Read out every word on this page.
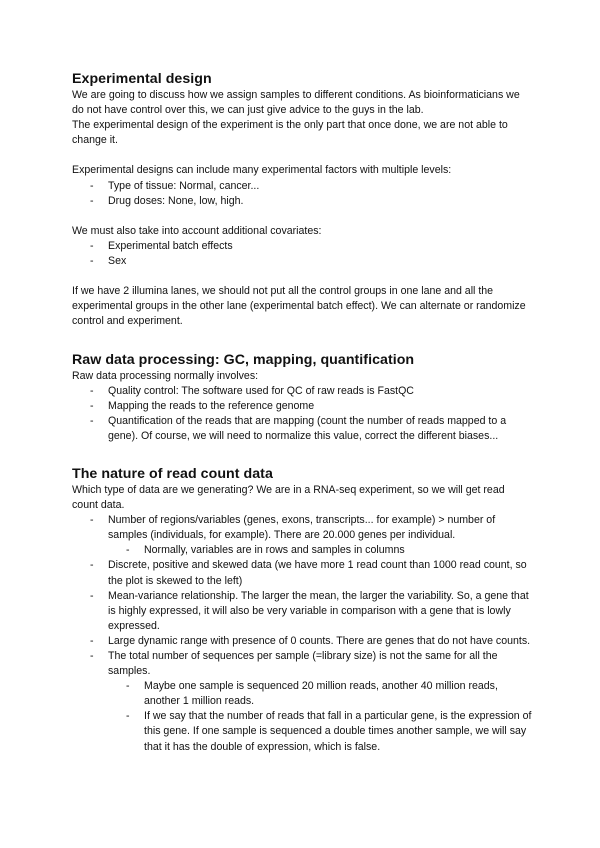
Experimental design

We are going to discuss how we assign samples to different conditions. As bioinformaticians we do not have control over this, we can just give advice to the guys in the lab.

The experimental design of the experiment is the only part that once done, we are not able to change it.

Experimental designs can include many experimental factors with multiple levels:

- Type of tissue: Normal, cancer...
- Drug doses: None, low, high.

We must also take into account additional covariates:

- Experimental batch effects
- Sex

If we have 2 illumina lanes, we should not put all the control groups in one lane and all the experimental groups in the other lane (experimental batch effect). We can alternate or randomize control and experiment.

Raw data processing: GC, mapping, quantification

Raw data processing normally involves:

- Quality control: The software used for QC of raw reads is FastQC
- Mapping the reads to the reference genome
- Quantification of the reads that are mapping (count the number of reads mapped to a gene). Of course, we will need to normalize this value, correct the different biases...
The nature of read count data

Which type of data are we generating? We are in a RNA-seq experiment, so we will get read count data.

- Number of regions/variables (genes, exons, transcripts... for example) > number of samples (individuals, for example). There are 20.000 genes per individual.
- Normally, variables are in rows and samples in columns
- Discrete, positive and skewed data (we have more 1 read count than 1000 read count, so the plot is skewed to the left)
- Mean-variance relationship. The larger the mean, the larger the variability. So, a gene that is highly expressed, it will also be very variable in comparison with a gene that is lowly expressed.
- Large dynamic range with presence of 0 counts. There are genes that do not have counts.
- The total number of sequences per sample (=library size) is not the same for all the samples.
- Maybe one sample is sequenced 20 million reads, another 40 million reads, another 1 million reads.
- If we say that the number of reads that fall in a particular gene, is the expression of this gene. If one sample is sequenced a double times another sample, we will say that it has the double of expression, which is false.
